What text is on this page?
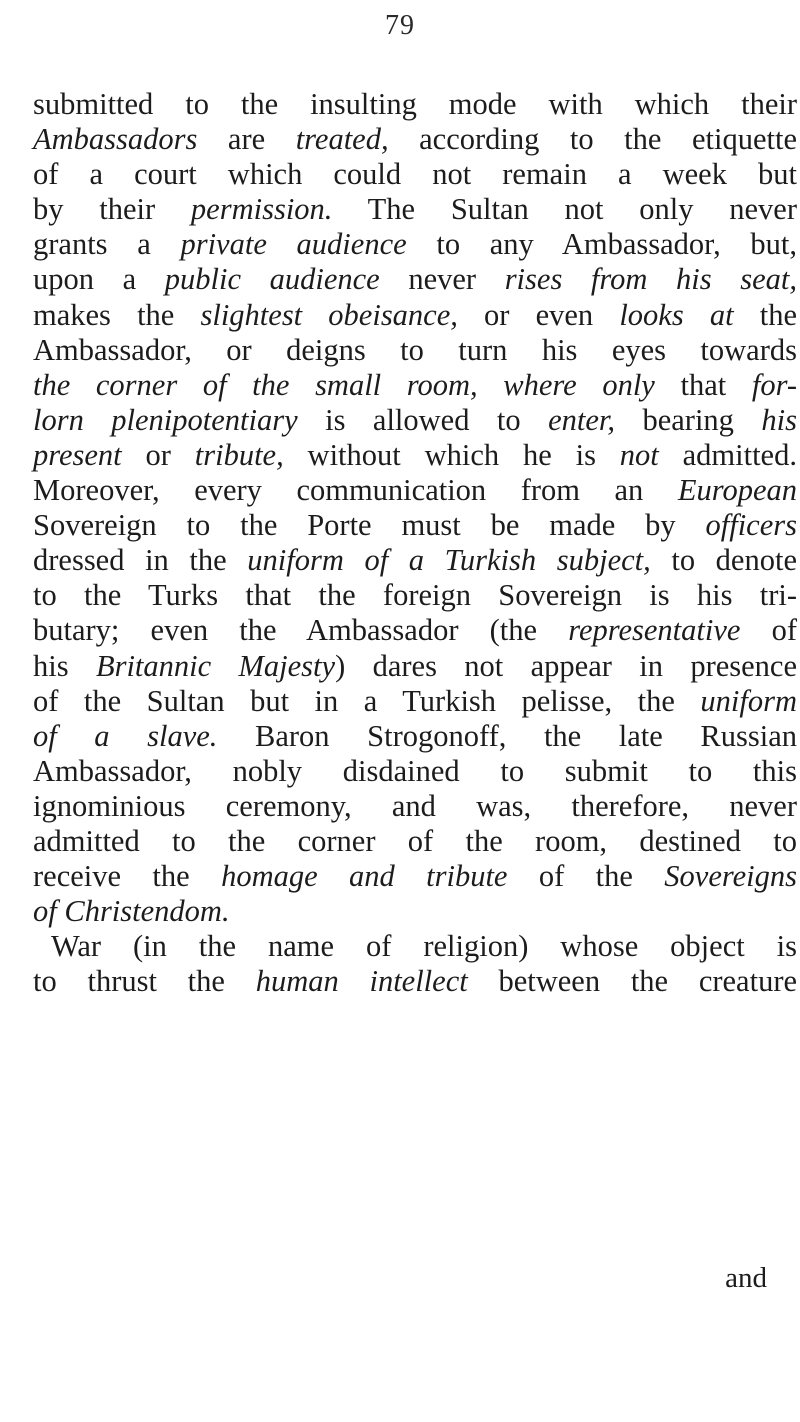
79
submitted to the insulting mode with which their
Ambassadors are treated, according to the etiquette
of a court which could not remain a week but
by their permission. The Sultan not only never
grants a private audience to any Ambassador, but,
upon a public audience never rises from his seat,
makes the slightest obeisance, or even looks at the
Ambassador, or deigns to turn his eyes towards
the corner of the small room, where only that for-
lorn plenipotentiary is allowed to enter, bearing his
present or tribute, without which he is not admitted.
Moreover, every communication from an European
Sovereign to the Porte must be made by officers
dressed in the uniform of a Turkish subject, to denote
to the Turks that the foreign Sovereign is his tri-
butary; even the Ambassador (the representative of
his Britannic Majesty) dares not appear in presence
of the Sultan but in a Turkish pelisse, the uniform
of a slave. Baron Strogonoff, the late Russian
Ambassador, nobly disdained to submit to this
ignominious ceremony, and was, therefore, never
admitted to the corner of the room, destined to
receive the homage and tribute of the Sovereigns
of Christendom.
War (in the name of religion) whose object is
to thrust the human intellect between the creature
and
